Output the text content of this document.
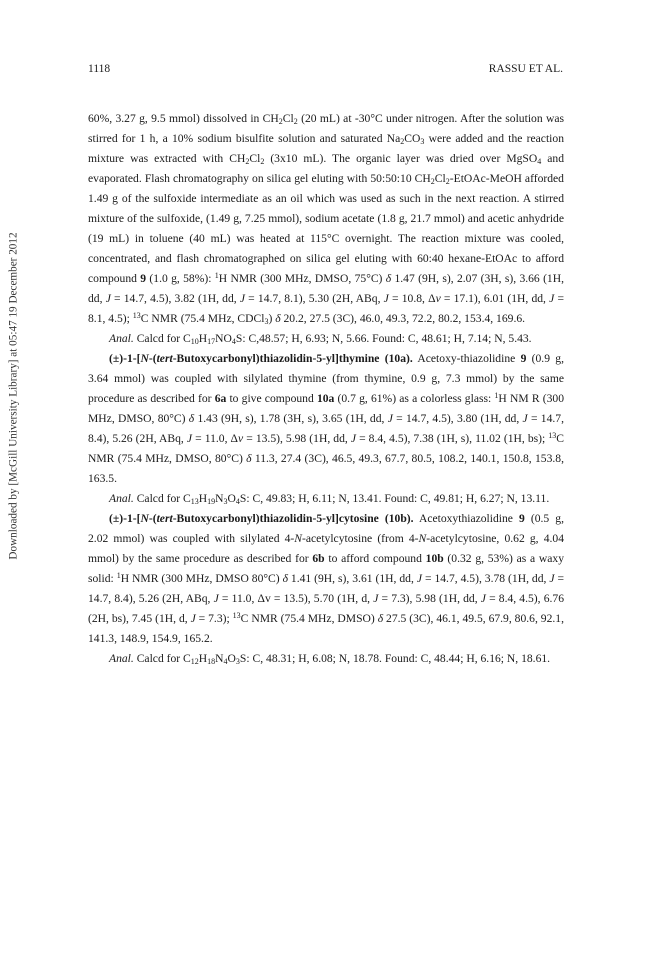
1118	RASSU ET AL.
Downloaded by [McGill University Library] at 05:47 19 December 2012

60%, 3.27 g, 9.5 mmol) dissolved in $CH_2Cl_2$ (20 mL) at -30°C under nitrogen. After the solution was stirred for 1 h, a 10% sodium bisulfite solution and saturated $Na_2CO_3$ were added and the reaction mixture was extracted with $CH_2Cl_2$ (3x10 mL). The organic layer was dried over MgSO$_4$ and evaporated. Flash chromatography on silica gel eluting with 50:50:10 $CH_2Cl_2-EtOAc$-MeOH afforded 1.49 g of the sulfoxide intermediate as an oil which was used as such in the next reaction. A stirred mixture of the sulfoxide, (1.49 g, 7.25 mmol), sodium acetate (1.8 g, 21.7 mmol) and acetic anhydride (19 mL) in toluene (40 mL) was heated at 115°C overnight. The reaction mixture was cooled, concentrated, and flash chromatographed on silica gel eluting with 60:40 hexane-EtOAc to afford compound 9 (1.0 g, 58%): $^1$H NMR (300 MHz, DMSO, 75°C) δ 1.47 (9H, s), 2.07 (3H, s), 3.66 (1H, dd, J = 14.7, 4.5), 3.82 (1H, dd, J = 14.7, 8.1), 5.30 (2H, ABq, J = 10.8, Δv = 17.1), 6.01 (1H, dd, J = 8.1, 4.5); $^{13}$C NMR (75.4 MHz, CDCl$_3$) δ 20.2, 27.5 (3C), 46.0, 49.3, 72.2, 80.2, 153.4, 169.6.

Anal. Calcd for $C_{10}H_{17}NO_4S$: C,48.57; H, 6.93; N, 5.66. Found: C, 48.61; H, 7.14; N, 5.43.

(±)-1-[N-(tert-Butoxycarbonyl)thiazolidin-5-yl]thymine (10a). Acetoxy-thiazolidine 9 (0.9 g, 3.64 mmol) was coupled with silylated thymine (from thymine, 0.9 g, 7.3 mmol) by the same procedure as described for 6a to give compound 10a (0.7 g, 61%) as a colorless glass: $^1$H NM R (300 MHz, DMSO, 80°C) δ 1.43 (9H, s), 1.78 (3H, s), 3.65 (1H, dd, J = 14.7, 4.5), 3.80 (1H, dd, J = 14.7, 8.4), 5.26 (2H, ABq, J = 11.0, Δv = 13.5), 5.98 (1H, dd, J = 8.4, 4.5), 7.38 (1H, s), 11.02 (1H, bs); $^{13}$C NMR (75.4 MHz, DMSO, 80°C) δ 11.3, 27.4 (3C), 46.5, 49.3, 67.7, 80.5, 108.2, 140.1, 150.8, 153.8, 163.5.

Anal. Calcd for $C_{13}H_{19}N_3O_4S$: C, 49.83; H, 6.11; N, 13.41. Found: C, 49.81; H, 6.27; N, 13.11.

(±)-1-[N-(tert-Butoxycarbonyl)thiazolidin-5-yl]cytosine (10b). Acetoxythiazolidine 9 (0.5 g, 2.02 mmol) was coupled with silylated 4-N-acetylcytosine (from 4-N-acetylcytosine, 0.62 g, 4.04 mmol) by the same procedure as described for 6b to afford compound 10b (0.32 g, 53%) as a waxy solid: $^1$H NMR (300 MHz, DMSO 80°C) δ 1.41 (9H, s), 3.61 (1H, dd, J = 14.7, 4.5), 3.78 (1H, dd, J = 14.7, 8.4), 5.26 (2H, ABq, J = 11.0, Δv = 13.5), 5.70 (1H, d, J = 7.3), 5.98 (1H, dd, J = 8.4, 4.5), 6.76 (2H, bs), 7.45 (1H, d, J = 7.3); $^{13}$C NMR (75.4 MHz, DMSO) δ 27.5 (3C), 46.1, 49.5, 67.9, 80.6, 92.1, 141.3, 148.9, 154.9, 165.2.

Anal. Calcd for $C_{12}H_{18}N_4O_3S$: C, 48.31; H, 6.08; N, 18.78. Found: C, 48.44; H, 6.16; N, 18.61.
